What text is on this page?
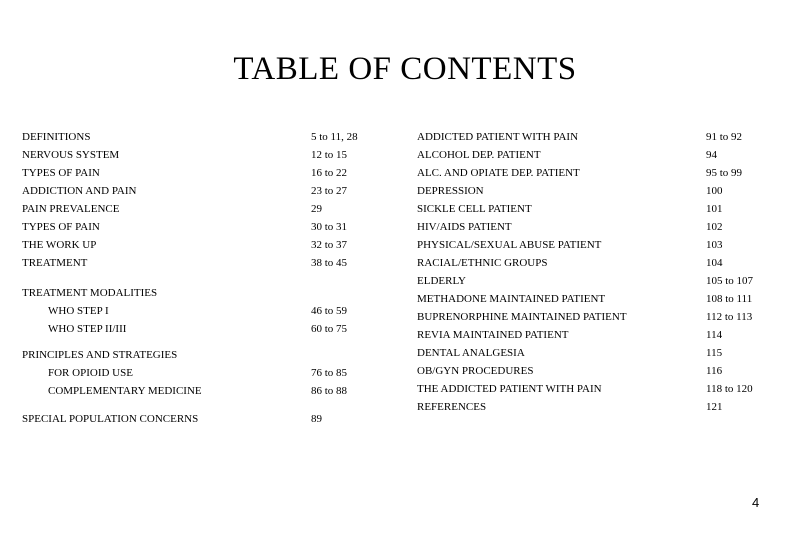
TABLE OF CONTENTS
DEFINITIONS
NERVOUS SYSTEM
TYPES OF PAIN
ADDICTION AND PAIN
PAIN PREVALENCE
TYPES OF PAIN
THE WORK UP
TREATMENT
TREATMENT MODALITIES
WHO STEP I
WHO STEP II/III
PRINCIPLES AND STRATEGIES
FOR OPIOID USE
COMPLEMENTARY MEDICINE
SPECIAL POPULATION CONCERNS
5 to 11, 28
12 to 15
16 to 22
23 to 27
29
30 to 31
32 to 37
38 to 45
46 to 59
60 to 75
76 to 85
86 to 88
89
ADDICTED PATIENT WITH PAIN
ALCOHOL DEP. PATIENT
ALC. AND OPIATE DEP. PATIENT
DEPRESSION
SICKLE CELL PATIENT
HIV/AIDS PATIENT
PHYSICAL/SEXUAL ABUSE PATIENT
RACIAL/ETHNIC GROUPS
ELDERLY
METHADONE MAINTAINED PATIENT
BUPRENORPHINE MAINTAINED PATIENT
REVIA MAINTAINED PATIENT
DENTAL ANALGESIA
OB/GYN PROCEDURES
THE ADDICTED PATIENT WITH PAIN
REFERENCES
91 to 92
94
95 to 99
100
101
102
103
104
105 to 107
108 to 111
112 to 113
114
115
116
118 to 120
121
4
